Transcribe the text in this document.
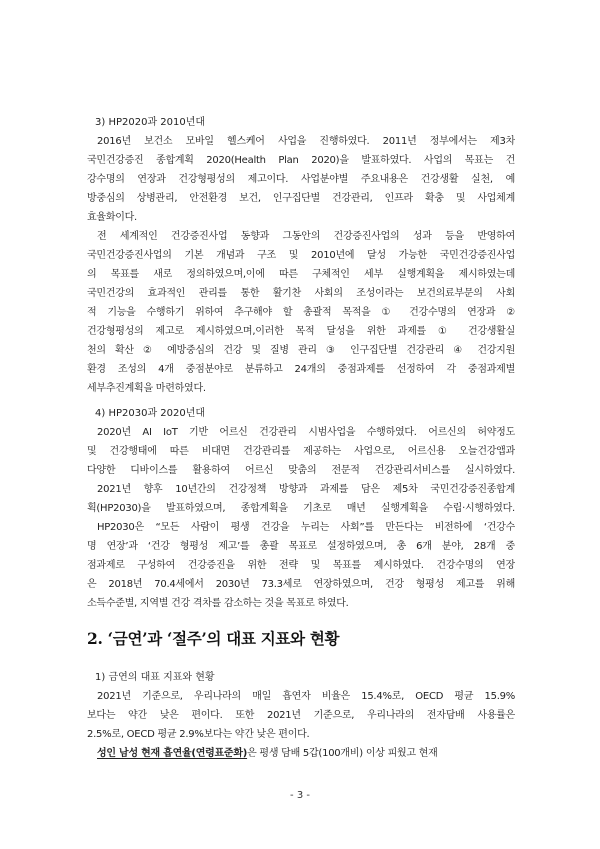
3) HP2020과 2010년대
2016년 보건소 모바일 헬스케어 사업을 진행하였다. 2011년 정부에서는 제3차
국민건강증진 종합계획 2020(Health Plan 2020)을 발표하였다. 사업의 목표는 건
강수명의 연장과 건강형평성의 제고이다. 사업분야별 주요내용은 건강생활 실천, 예
방중심의 상병관리, 안전환경 보건, 인구집단별 건강관리, 인프라 확충 및 사업체계
효율화이다.
전 세계적인 건강증진사업 동향과 그동안의 건강증진사업의 성과 등을 반영하여
국민건강증진사업의 기본 개념과 구조 및 2010년에 달성 가능한 국민건강증진사업
의 목표를 새로 정의하였으며,이에 따른 구체적인 세부 실행계획을 제시하였는데
국민건강의 효과적인 관리를 통한 활기찬 사회의 조성이라는 보건의료부문의 사회
적 기능을 수행하기 위하여 추구해야 할 총괄적 목적을 ① 건강수명의 연장과 ②
건강형평성의 제고로 제시하였으며,이러한 목적 달성을 위한 과제를 ① 건강생활실
천의 확산 ② 예방중심의 건강 및 질병 관리 ③ 인구집단별 건강관리 ④ 건강지원
환경 조성의 4개 중점분야로 분류하고 24개의 중점과제를 선정하여 각 중점과제별
세부추진계획을 마련하였다.
4) HP2030과 2020년대
2020년 AI IoT 기반 어르신 건강관리 시범사업을 수행하였다. 어르신의 허약정도
및 건강행태에 따른 비대면 건강관리를 제공하는 사업으로, 어르신용 오늘건강앱과
다양한 디바이스를 활용하여 어르신 맞춤의 전문적 건강관리서비스를 실시하였다.
2021년 향후 10년간의 건강정책 방향과 과제를 담은 제5차 국민건강증진종합계
획(HP2030)을 발표하였으며, 종합계획을 기초로 매년 실행계획을 수립·시행하였다.
HP2030은 “모든 사람이 평생 건강을 누리는 사회”를 만든다는 비전하에 ‘건강수
명 연장’과 ‘건강 형평성 제고’를 총괄 목표로 설정하였으며, 총 6개 분야, 28개 중
점과제로 구성하여 건강증진을 위한 전략 및 목표를 제시하였다. 건강수명의 연장
은 2018년 70.4세에서 2030년 73.3세로 연장하였으며, 건강 형평성 제고를 위해
소득수준별, 지역별 건강 격차를 감소하는 것을 목표로 하였다.
2. ‘금연’과 ‘절주’의 대표 지표와 현황
1) 금연의 대표 지표와 현황
2021년 기준으로, 우리나라의 매일 흡연자 비율은 15.4%로, OECD 평균 15.9%
보다는 약간 낮은 편이다. 또한 2021년 기준으로, 우리나라의 전자담배 사용률은
2.5%로, OECD 평균 2.9%보다는 약간 낮은 편이다.
성인 남성 현재 흡연율(연령표준화)은 평생 담배 5갑(100개비) 이상 피웠고 현재
- 3 -
